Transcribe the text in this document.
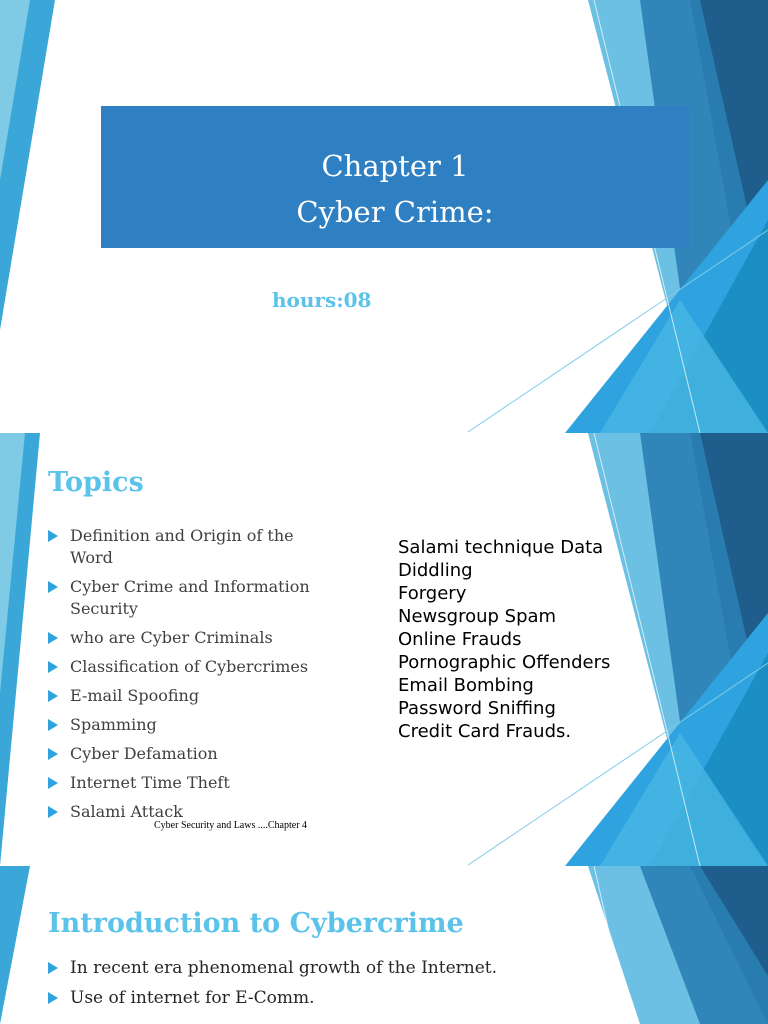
Chapter 1
Cyber Crime:
hours:08
Topics
Definition and Origin of the Word
Cyber Crime and Information Security
who are Cyber Criminals
Classification of Cybercrimes
E-mail Spoofing
Spamming
Cyber Defamation
Internet Time Theft
Salami Attack
Salami technique Data
Diddling
Forgery
Newsgroup Spam
Online Frauds
Pornographic Offenders
Email Bombing
Password Sniffing
Credit Card Frauds.
Cyber Security and Laws ....Chapter 4
Introduction to Cybercrime
In recent era phenomenal growth of the Internet.
Use of internet for E-Comm.
